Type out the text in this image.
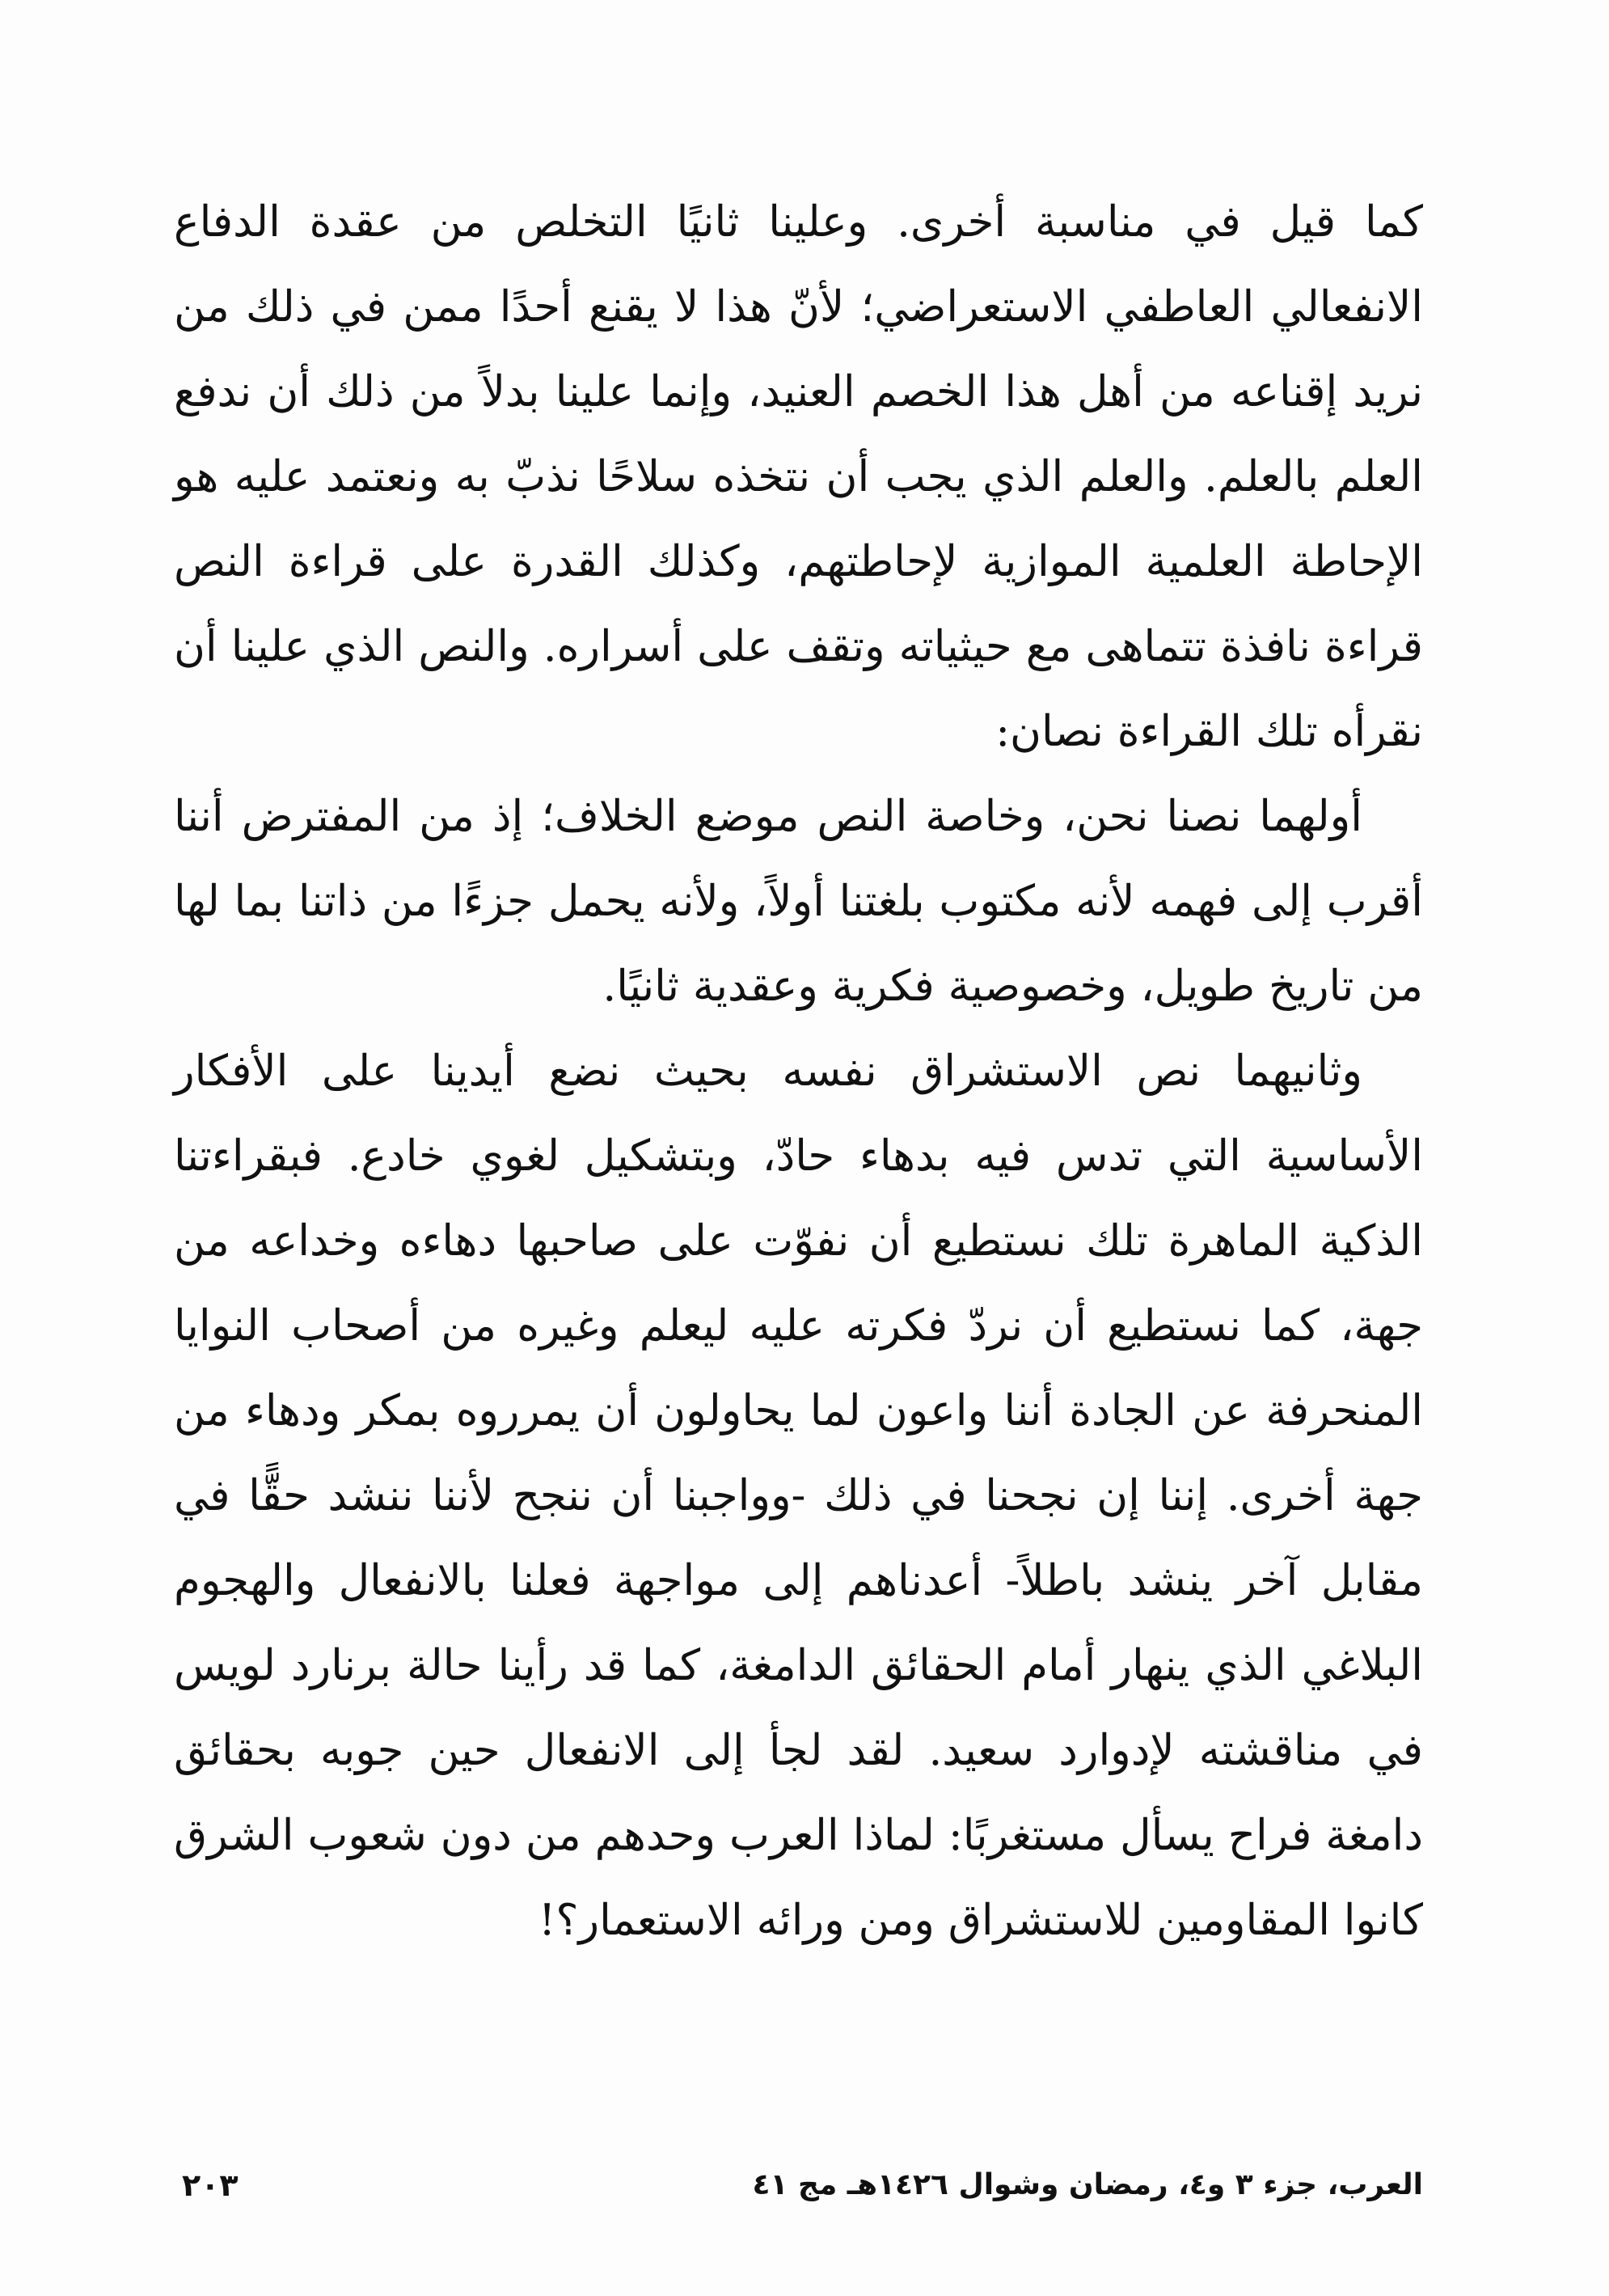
كما قيل في مناسبة أخرى. وعلينا ثانيًا التخلص من عقدة الدفاع الانفعالي العاطفي الاستعراضي؛ لأنّ هذا لا يقنع أحدًا ممن في ذلك من نريد إقناعه من أهل هذا الخصم العنيد، وإنما علينا بدلاً من ذلك أن ندفع العلم بالعلم. والعلم الذي يجب أن نتخذه سلاحًا نذبّ به ونعتمد عليه هو الإحاطة العلمية الموازية لإحاطتهم، وكذلك القدرة على قراءة النص قراءة نافذة تتماهى مع حيثياته وتقف على أسراره. والنص الذي علينا أن نقرأه تلك القراءة نصان:

أولهما نصنا نحن، وخاصة النص موضع الخلاف؛ إذ من المفترض أننا أقرب إلى فهمه لأنه مكتوب بلغتنا أولاً، ولأنه يحمل جزءًا من ذاتنا بما لها من تاريخ طويل، وخصوصية فكرية وعقدية ثانيًا.

وثانيهما نص الاستشراق نفسه بحيث نضع أيدينا على الأفكار الأساسية التي تدس فيه بدهاء حادّ، وبتشكيل لغوي خادع. فبقراءتنا الذكية الماهرة تلك نستطيع أن نفوّت على صاحبها دهاءه وخداعه من جهة، كما نستطيع أن نردّ فكرته عليه ليعلم وغيره من أصحاب النوايا المنحرفة عن الجادة أننا واعون لما يحاولون أن يمرروه بمكر ودهاء من جهة أخرى. إننا إن نجحنا في ذلك -وواجبنا أن ننجح لأننا ننشد حقًّا في مقابل آخر ينشد باطلاً- أعدناهم إلى مواجهة فعلنا بالانفعال والهجوم البلاغي الذي ينهار أمام الحقائق الدامغة، كما قد رأينا حالة برنارد لويس في مناقشته لإدوارد سعيد. لقد لجأ إلى الانفعال حين جوبه بحقائق دامغة فراح يسأل مستغربًا: لماذا العرب وحدهم من دون شعوب الشرق كانوا المقاومين للاستشراق ومن ورائه الاستعمار؟!

العرب، جزء ٣ و٤، رمضان وشوال ١٤٢٦هـ مج ٤١
٢٠٣
